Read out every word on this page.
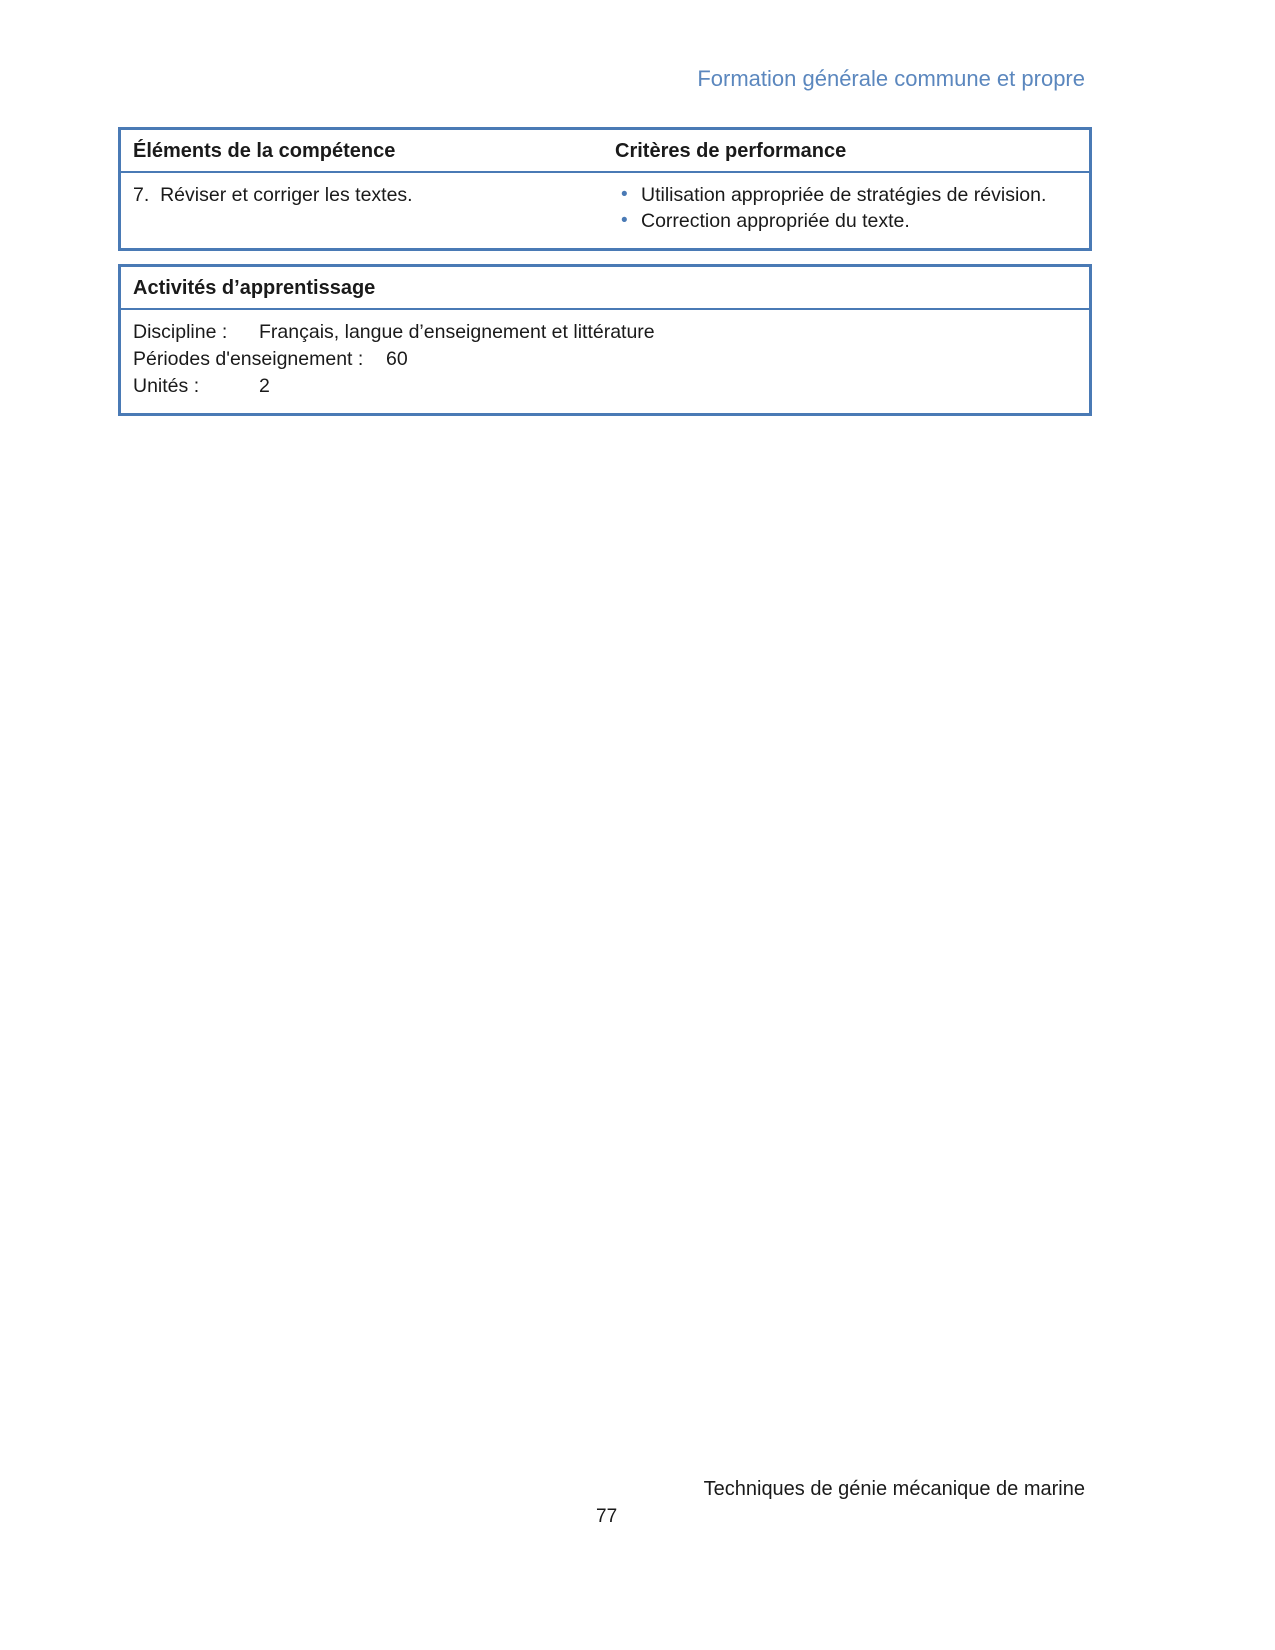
Formation générale commune et propre
Éléments de la compétence	Critères de performance
7.  Réviser et corriger les textes.	• Utilisation appropriée de stratégies de révision.
• Correction appropriée du texte.
Activités d’apprentissage
Discipline :	Français, langue d’enseignement et littérature
Périodes d'enseignement :	60
Unités :	2
Techniques de génie mécanique de marine
77
